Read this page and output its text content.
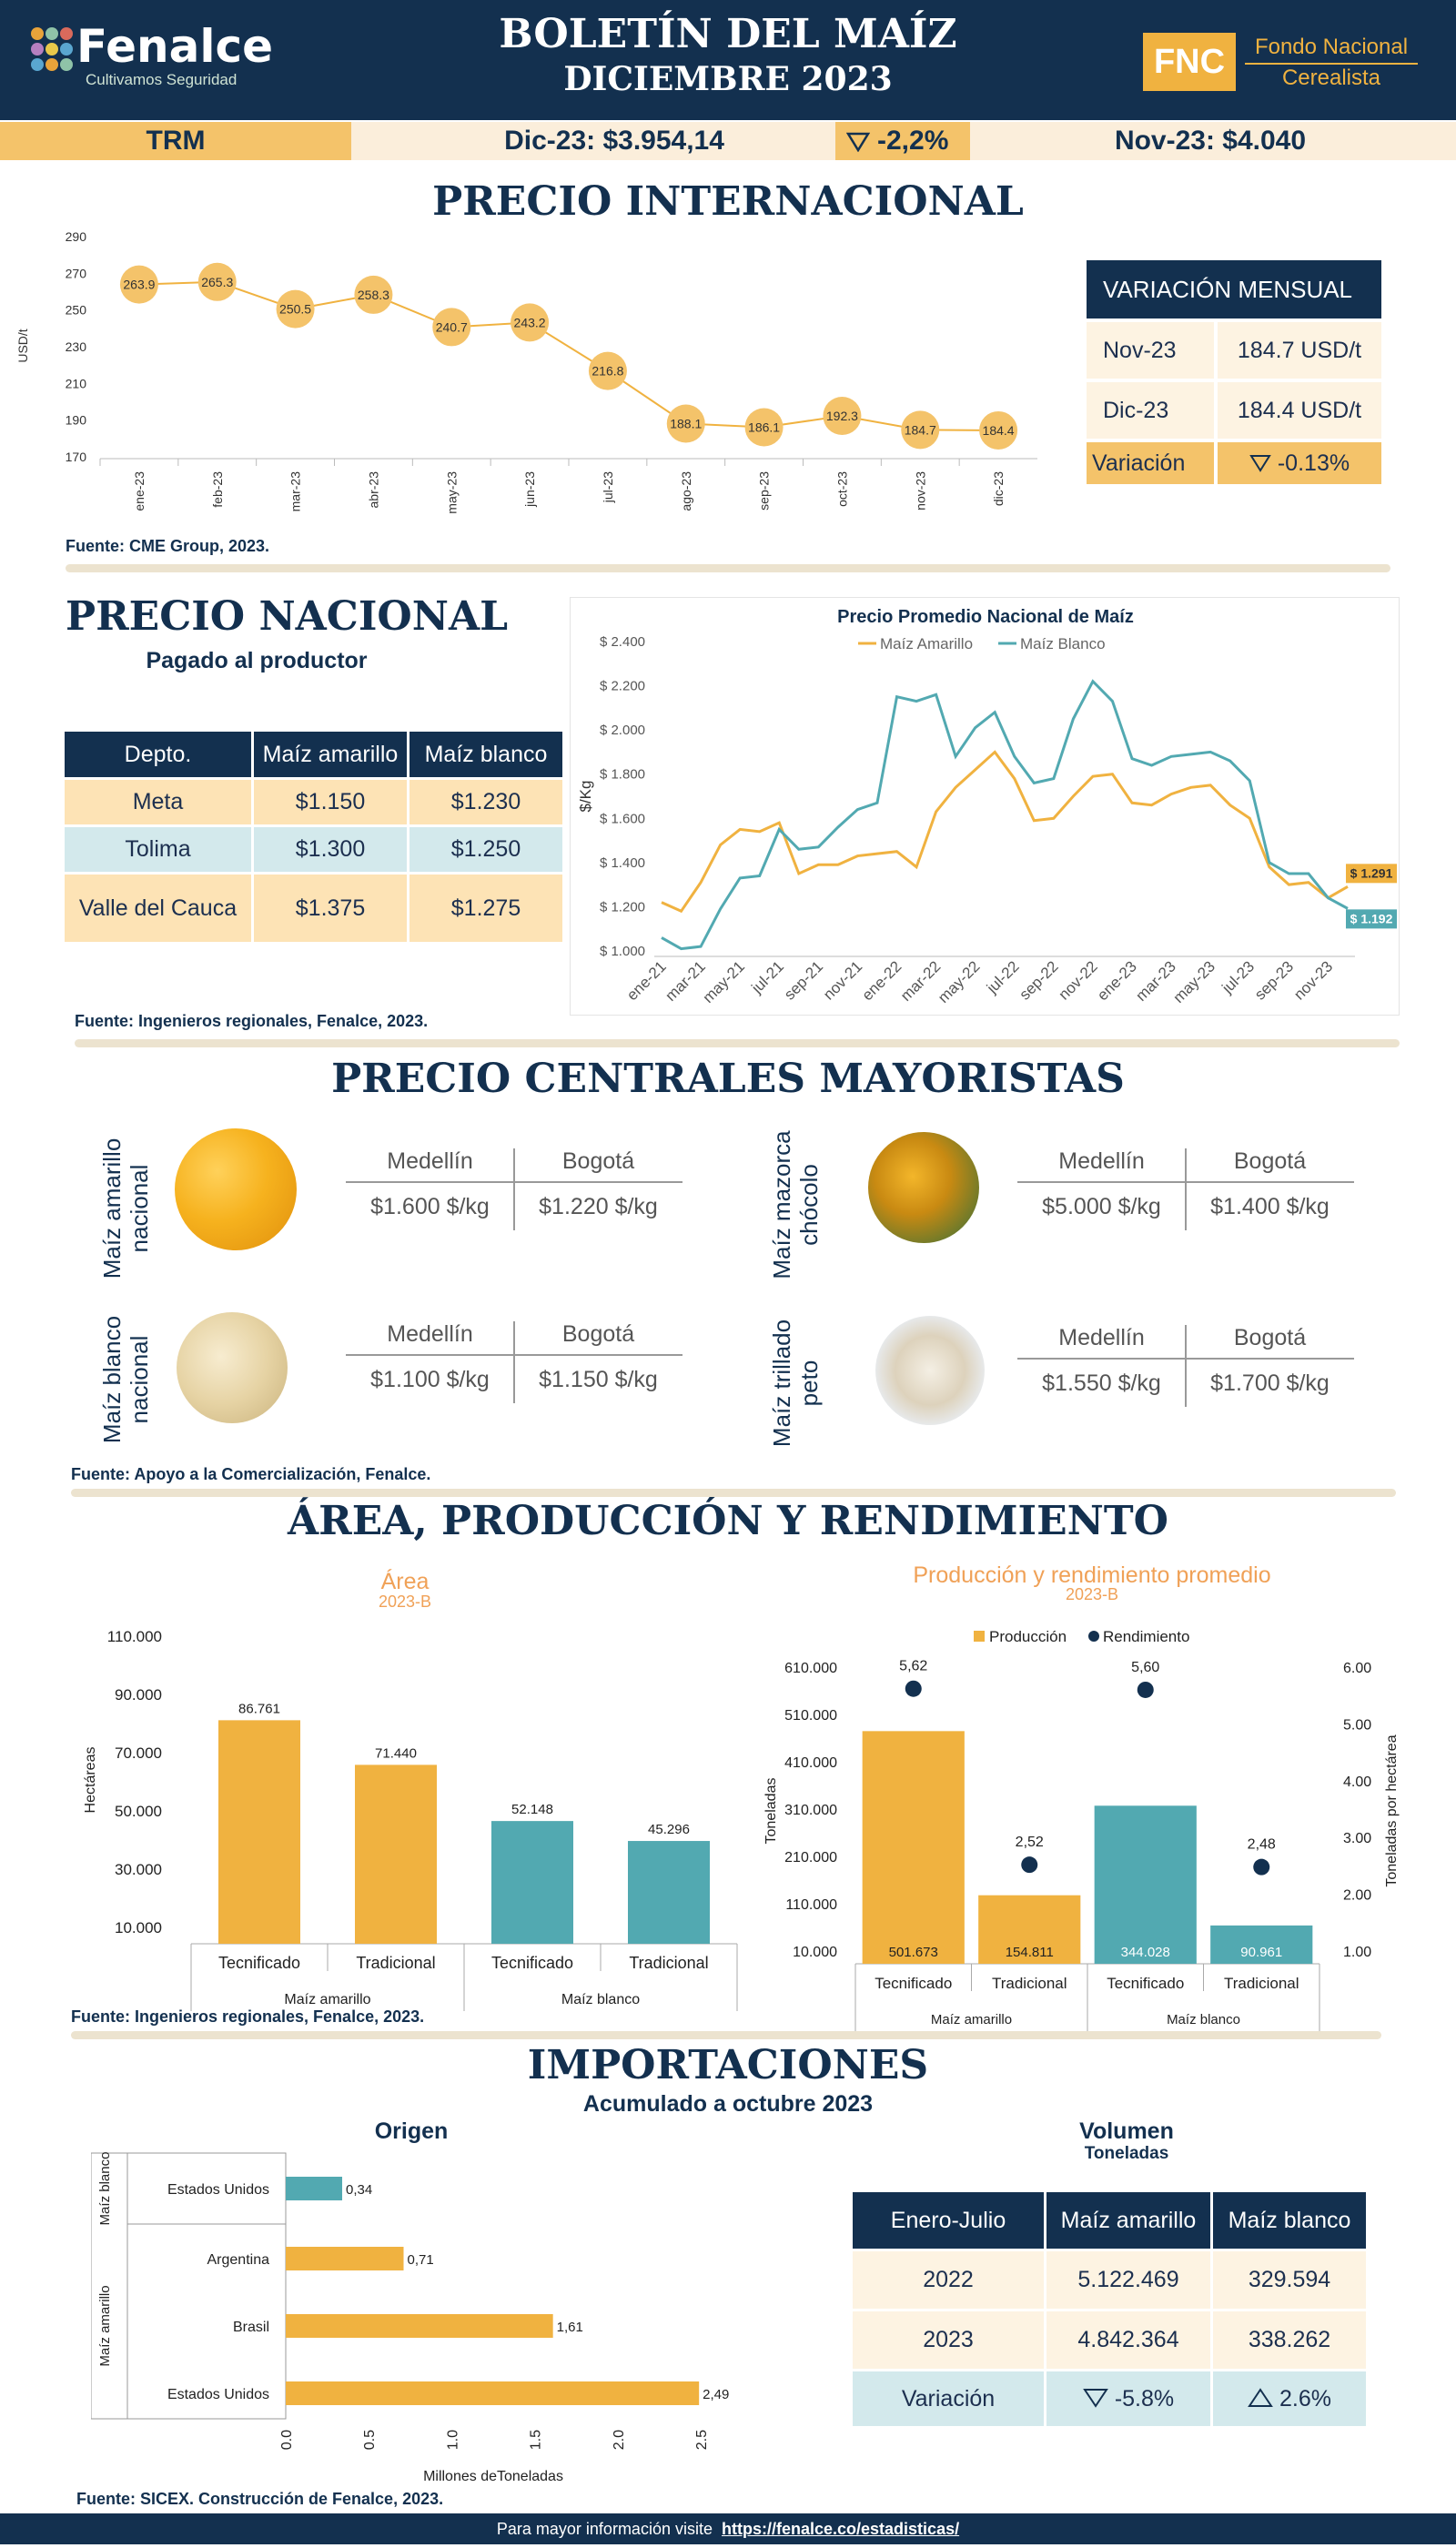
Fenalce
Cultivamos Seguridad
BOLETÍN DEL MAÍZ
DICIEMBRE 2023	FNC	Fondo Nacional
Cerealista
TRM	Dic-23: $3.954,14	-2,2%	Nov-23: $4.040
PRECIO INTERNACIONAL
USD/t
170
190
210
230
250
270
290
ene-23	feb-23	mar-23	abr-23	may-23	jun-23	jul-23	ago-23	sep-23	oct-23	nov-23	dic-23
263.9	265.3
250.5
258.3
240.7	243.2
216.8
188.1	186.1
192.3
184.7	184.4
Fuente: CME Group, 2023.
VARIACIÓN MENSUAL
Nov-23	184.7 USD/t
Dic-23	184.4 USD/t
Variación	-0.13%
PRECIO NACIONAL
Pagado al productor
Depto.	Maíz amarillo	Maíz blanco
Meta	$1.150	$1.230
Tolima	$1.300	$1.250
Valle del Cauca	$1.375	$1.275
Precio Promedio Nacional de Maíz
Maíz Amarillo	Maíz Blanco
$/Kg
$ 1.000
$ 1.200
$ 1.400
$ 1.600
$ 1.800
$ 2.000
$ 2.200
$ 2.400
ene-21
mar-21
may-21 jul-21
sep-21
nov-21
ene-22
mar-22
may-22 jul-22
sep-22
nov-22
ene-23
mar-23
may-23 jul-23
sep-23
nov-23
$ 1.291
$ 1.192
Fuente: Ingenieros regionales, Fenalce, 2023.
PRECIO CENTRALES MAYORISTAS
Maíz amarillo
nacional
Medellín	Bogotá
$1.600 $/kg	$1.220 $/kg	Maíz mazorca
chócolo
Medellín	Bogotá
$5.000 $/kg	$1.400 $/kg
Maíz blanco
nacional
Medellín	Bogotá
$1.100 $/kg	$1.150 $/kg	Maíz trillado
peto
Medellín	Bogotá
$1.550 $/kg	$1.700 $/kg
Fuente: Apoyo a la Comercialización, Fenalce.
ÁREA, PRODUCCIÓN Y RENDIMIENTO
Área
2023-B
Hectáreas
10.000
30.000
50.000
70.000
90.000
110.000
Tecnificado	Tradicional	Tecnificado	Tradicional
Maíz amarillo	Maíz blanco
86.761
71.440
52.148
45.296
Producción y rendimiento promedio
2023-B
Producción Rendimiento
Toneladas	Toneladas por hectárea
10.000
110.000
210.000
310.000
410.000
510.000
610.000
1.00
2.00
3.00
4.00
5.00
6.00
Tecnificado	Tradicional	Tecnificado	Tradicional
Maíz amarillo	Maíz blanco
501.673
5,62
154.811
2,52
344.028
5,60
90.961
2,48
Fuente: Ingenieros regionales, Fenalce, 2023.
IMPORTACIONES
Acumulado a octubre 2023
Origen
Maíz blanco
Maíz amarillo
Estados Unidos	0,34
Argentina	0,71
Brasil	1,61
Estados Unidos	2,49
0.0	0.5	1.0	1.5	2.0	2.5
Millones deToneladas
Volumen
Toneladas
Enero-Julio	Maíz amarillo	Maíz blanco
2022	5.122.469	329.594
2023	4.842.364	338.262
Variación	-5.8%	2.6%
Fuente: SICEX. Construcción de Fenalce, 2023.
Para mayor información visite https://fenalce.co/estadisticas/
